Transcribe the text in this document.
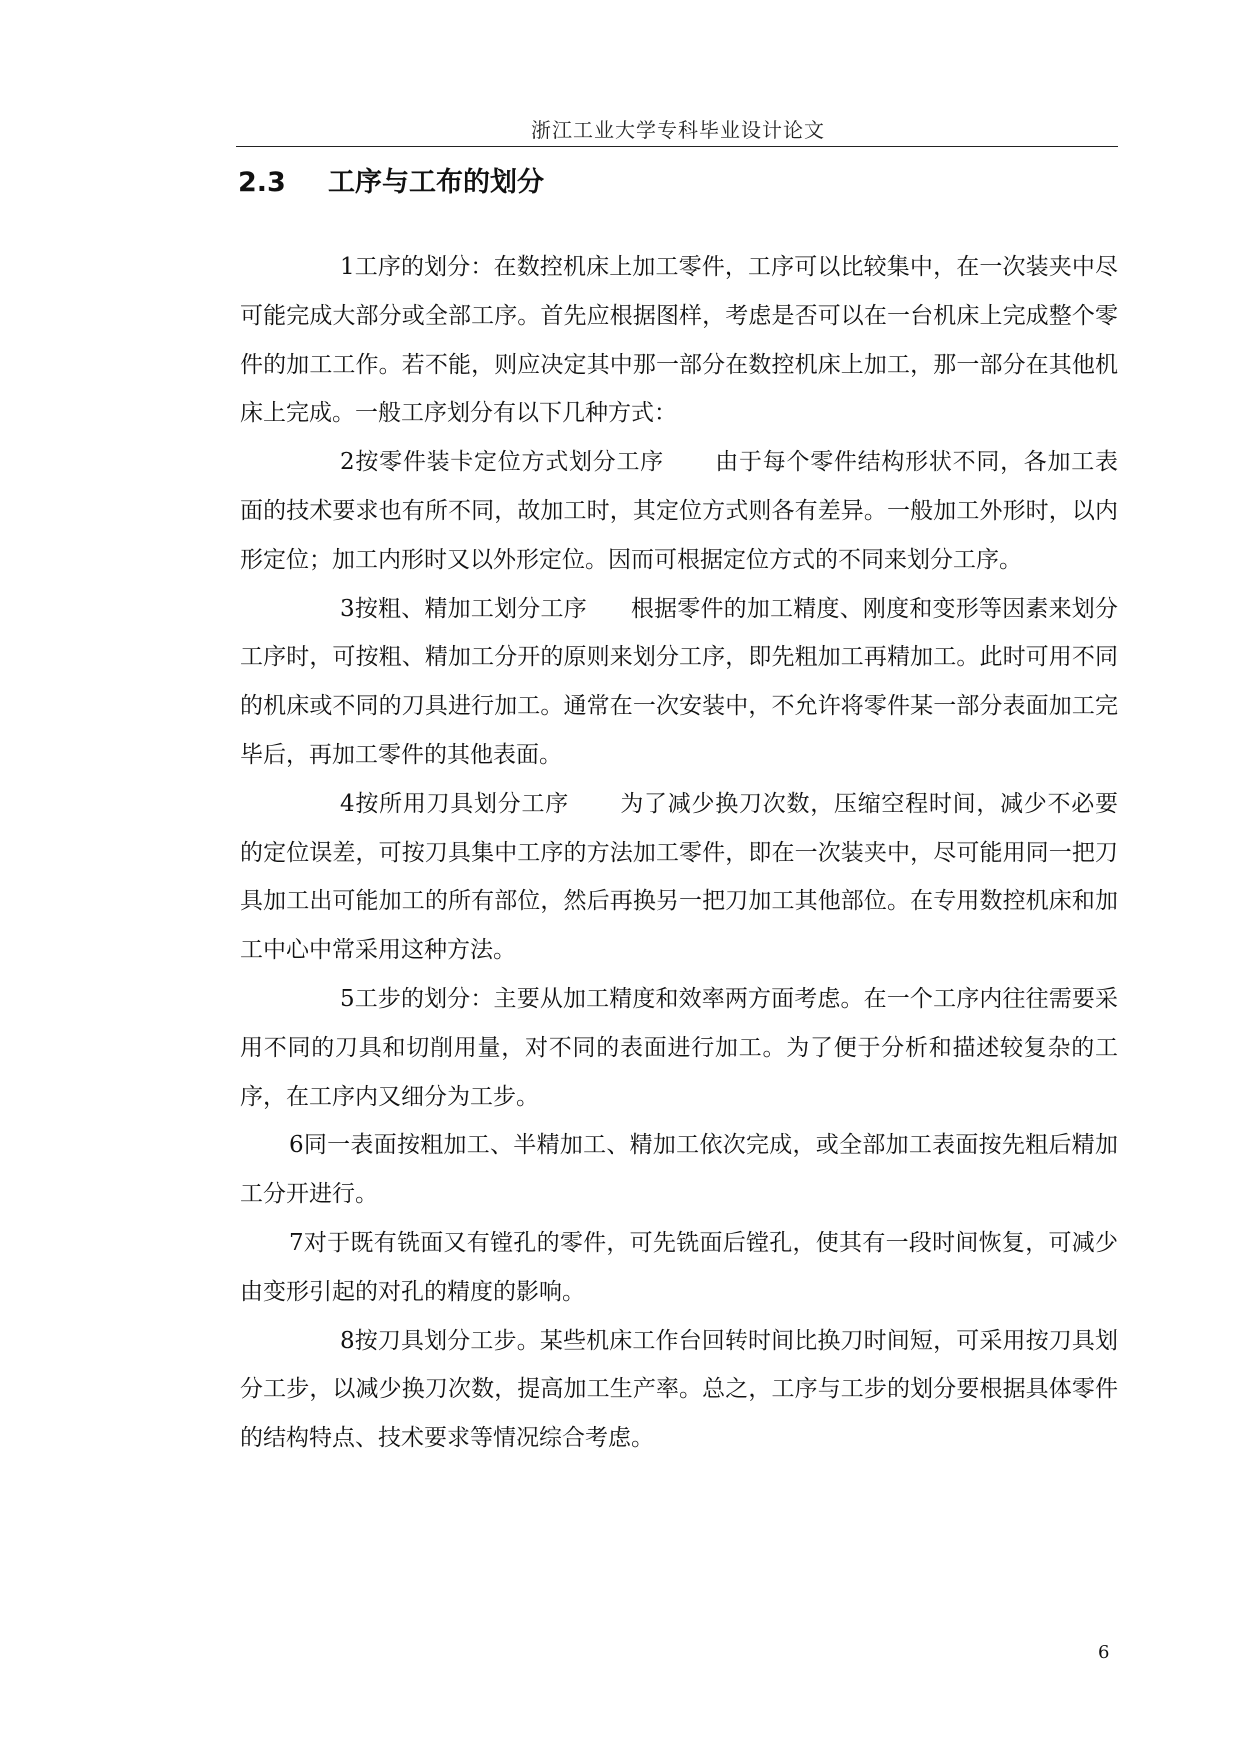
浙江工业大学专科毕业设计论文
2.3 工序与工布的划分

1工序的划分：在数控机床上加工零件，工序可以比较集中，在一次装夹中尽可能完成大部分或全部工序。首先应根据图样，考虑是否可以在一台机床上完成整个零件的加工工作。若不能，则应决定其中那一部分在数控机床上加工，那一部分在其他机床上完成。一般工序划分有以下几种方式：

2按零件装卡定位方式划分工序 由于每个零件结构形状不同，各加工表面的技术要求也有所不同，故加工时，其定位方式则各有差异。一般加工外形时，以内形定位；加工内形时又以外形定位。因而可根据定位方式的不同来划分工序。

3按粗、精加工划分工序 根据零件的加工精度、刚度和变形等因素来划分工序时，可按粗、精加工分开的原则来划分工序，即先粗加工再精加工。此时可用不同的机床或不同的刀具进行加工。通常在一次安装中，不允许将零件某一部分表面加工完毕后，再加工零件的其他表面。

4按所用刀具划分工序 为了减少换刀次数，压缩空程时间，减少不必要的定位误差，可按刀具集中工序的方法加工零件，即在一次装夹中，尽可能用同一把刀具加工出可能加工的所有部位，然后再换另一把刀加工其他部位。在专用数控机床和加工中心中常采用这种方法。

5工步的划分：主要从加工精度和效率两方面考虑。在一个工序内往往需要采用不同的刀具和切削用量，对不同的表面进行加工。为了便于分析和描述较复杂的工序，在工序内又细分为工步。

6同一表面按粗加工、半精加工、精加工依次完成，或全部加工表面按先粗后精加工分开进行。

7对于既有铣面又有镗孔的零件，可先铣面后镗孔，使其有一段时间恢复，可减少由变形引起的对孔的精度的影响。

8按刀具划分工步。某些机床工作台回转时间比换刀时间短，可采用按刀具划分工步，以减少换刀次数，提高加工生产率。总之，工序与工步的划分要根据具体零件的结构特点、技术要求等情况综合考虑。

6
